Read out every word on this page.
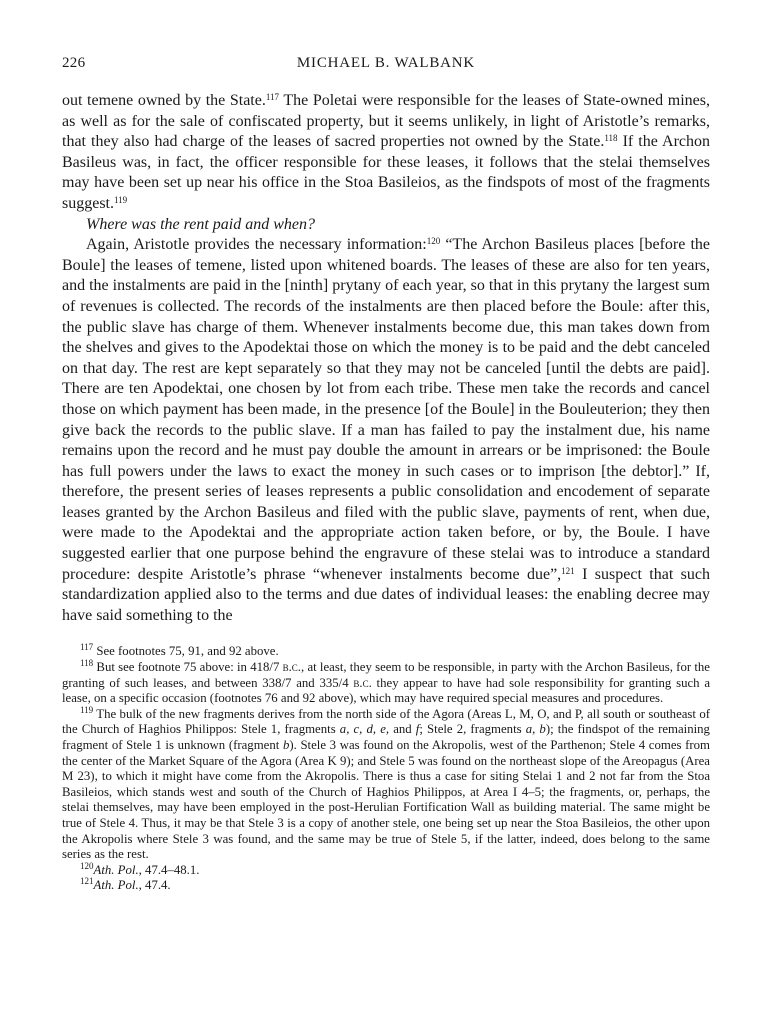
226	MICHAEL B. WALBANK

out temene owned by the State.$^{117}$ The Poletai were responsible for the leases of State-owned mines, as well as for the sale of confiscated property, but it seems unlikely, in light of Aristotle’s remarks, that they also had charge of the leases of sacred properties not owned by the State.$^{118}$ If the Archon Basileus was, in fact, the officer responsible for these leases, it follows that the stelai themselves may have been set up near his office in the Stoa Basileios, as the findspots of most of the fragments suggest.$^{119}$

Where was the rent paid and when?

Again, Aristotle provides the necessary information:$^{120}$ “The Archon Basileus places [before the Boule] the leases of temene, listed upon whitened boards. The leases of these are also for ten years, and the instalments are paid in the [ninth] prytany of each year, so that in this prytany the largest sum of revenues is collected. The records of the instalments are then placed before the Boule: after this, the public slave has charge of them. Whenever instalments become due, this man takes down from the shelves and gives to the Apodektai those on which the money is to be paid and the debt canceled on that day. The rest are kept separately so that they may not be canceled [until the debts are paid]. There are ten Apodektai, one chosen by lot from each tribe. These men take the records and cancel those on which payment has been made, in the presence [of the Boule] in the Bouleuterion; they then give back the records to the public slave. If a man has failed to pay the instalment due, his name remains upon the record and he must pay double the amount in arrears or be imprisoned: the Boule has full powers under the laws to exact the money in such cases or to imprison [the debtor].” If, therefore, the present series of leases represents a public consolidation and encodement of separate leases granted by the Archon Basileus and filed with the public slave, payments of rent, when due, were made to the Apodektai and the appropriate action taken before, or by, the Boule. I have suggested earlier that one purpose behind the engravure of these stelai was to introduce a standard procedure: despite Aristotle’s phrase “whenever instalments become due”,$^{121}$ I suspect that such standardization applied also to the terms and due dates of individual leases: the enabling decree may have said something to the

$^{117}$ See footnotes 75, 91, and 92 above.

$^{118}$ But see footnote 75 above: in 418/7 b.c., at least, they seem to be responsible, in party with the Archon Basileus, for the granting of such leases, and between 338/7 and 335/4 b.c. they appear to have had sole responsibility for granting such a lease, on a specific occasion (footnotes 76 and 92 above), which may have required special measures and procedures.

$^{119}$ The bulk of the new fragments derives from the north side of the Agora (Areas L, M, O, and P, all south or southeast of the Church of Haghios Philippos: Stele 1, fragments a, c, d, e, and f; Stele 2, fragments a, b); the findspot of the remaining fragment of Stele 1 is unknown (fragment b). Stele 3 was found on the Akropolis, west of the Parthenon; Stele 4 comes from the center of the Market Square of the Agora (Area K 9); and Stele 5 was found on the northeast slope of the Areopagus (Area M 23), to which it might have come from the Akropolis. There is thus a case for siting Stelai 1 and 2 not far from the Stoa Basileios, which stands west and south of the Church of Haghios Philippos, at Area I 4–5; the fragments, or, perhaps, the stelai themselves, may have been employed in the post-Herulian Fortification Wall as building material. The same might be true of Stele 4. Thus, it may be that Stele 3 is a copy of another stele, one being set up near the Stoa Basileios, the other upon the Akropolis where Stele 3 was found, and the same may be true of Stele 5, if the latter, indeed, does belong to the same series as the rest.

$^{120}$Ath. Pol., 47.4–48.1.

$^{121}$Ath. Pol., 47.4.
